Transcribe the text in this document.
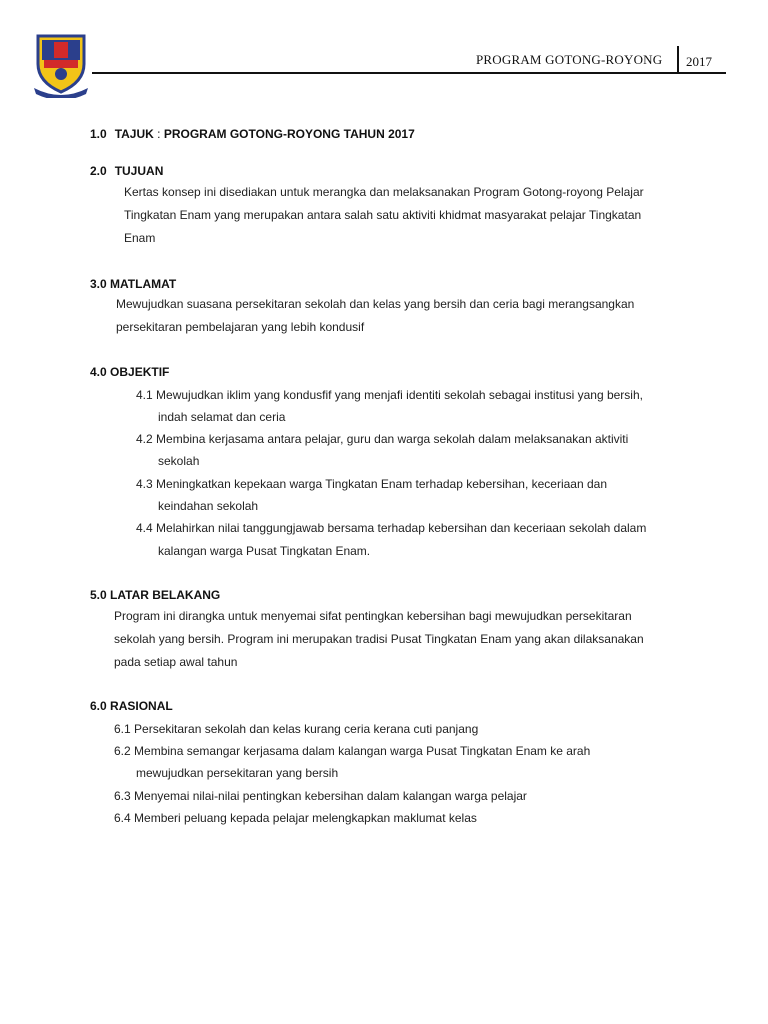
PROGRAM GOTONG-ROYONG 2017
1.0 TAJUK : PROGRAM GOTONG-ROYONG TAHUN 2017
2.0 TUJUAN
Kertas konsep ini disediakan untuk merangka dan melaksanakan Program Gotong-royong Pelajar
Tingkatan Enam yang merupakan antara salah satu aktiviti khidmat masyarakat pelajar Tingkatan
Enam
3.0 MATLAMAT
Mewujudkan suasana persekitaran sekolah dan kelas yang bersih dan ceria bagi merangsangkan
persekitaran pembelajaran yang lebih kondusif
4.0 OBJEKTIF
4.1 Mewujudkan iklim yang kondusfif yang menjafi identiti sekolah sebagai institusi yang bersih,
indah selamat dan ceria
4.2 Membina kerjasama antara pelajar, guru dan warga sekolah dalam melaksanakan aktiviti
sekolah
4.3 Meningkatkan kepekaan warga Tingkatan Enam terhadap kebersihan, keceriaan dan
keindahan sekolah
4.4 Melahirkan nilai tanggungjawab bersama terhadap kebersihan dan keceriaan sekolah dalam
kalangan warga Pusat Tingkatan Enam.
5.0 LATAR BELAKANG
Program ini dirangka untuk menyemai sifat pentingkan kebersihan bagi mewujudkan persekitaran
sekolah yang bersih. Program ini merupakan tradisi Pusat Tingkatan Enam yang akan dilaksanakan
pada setiap awal tahun
6.0 RASIONAL
6.1 Persekitaran sekolah dan kelas kurang ceria kerana cuti panjang
6.2 Membina semangar kerjasama dalam kalangan warga Pusat Tingkatan Enam ke arah
mewujudkan persekitaran yang bersih
6.3 Menyemai nilai-nilai pentingkan kebersihan dalam kalangan warga pelajar
6.4 Memberi peluang kepada pelajar melengkapkan maklumat kelas
